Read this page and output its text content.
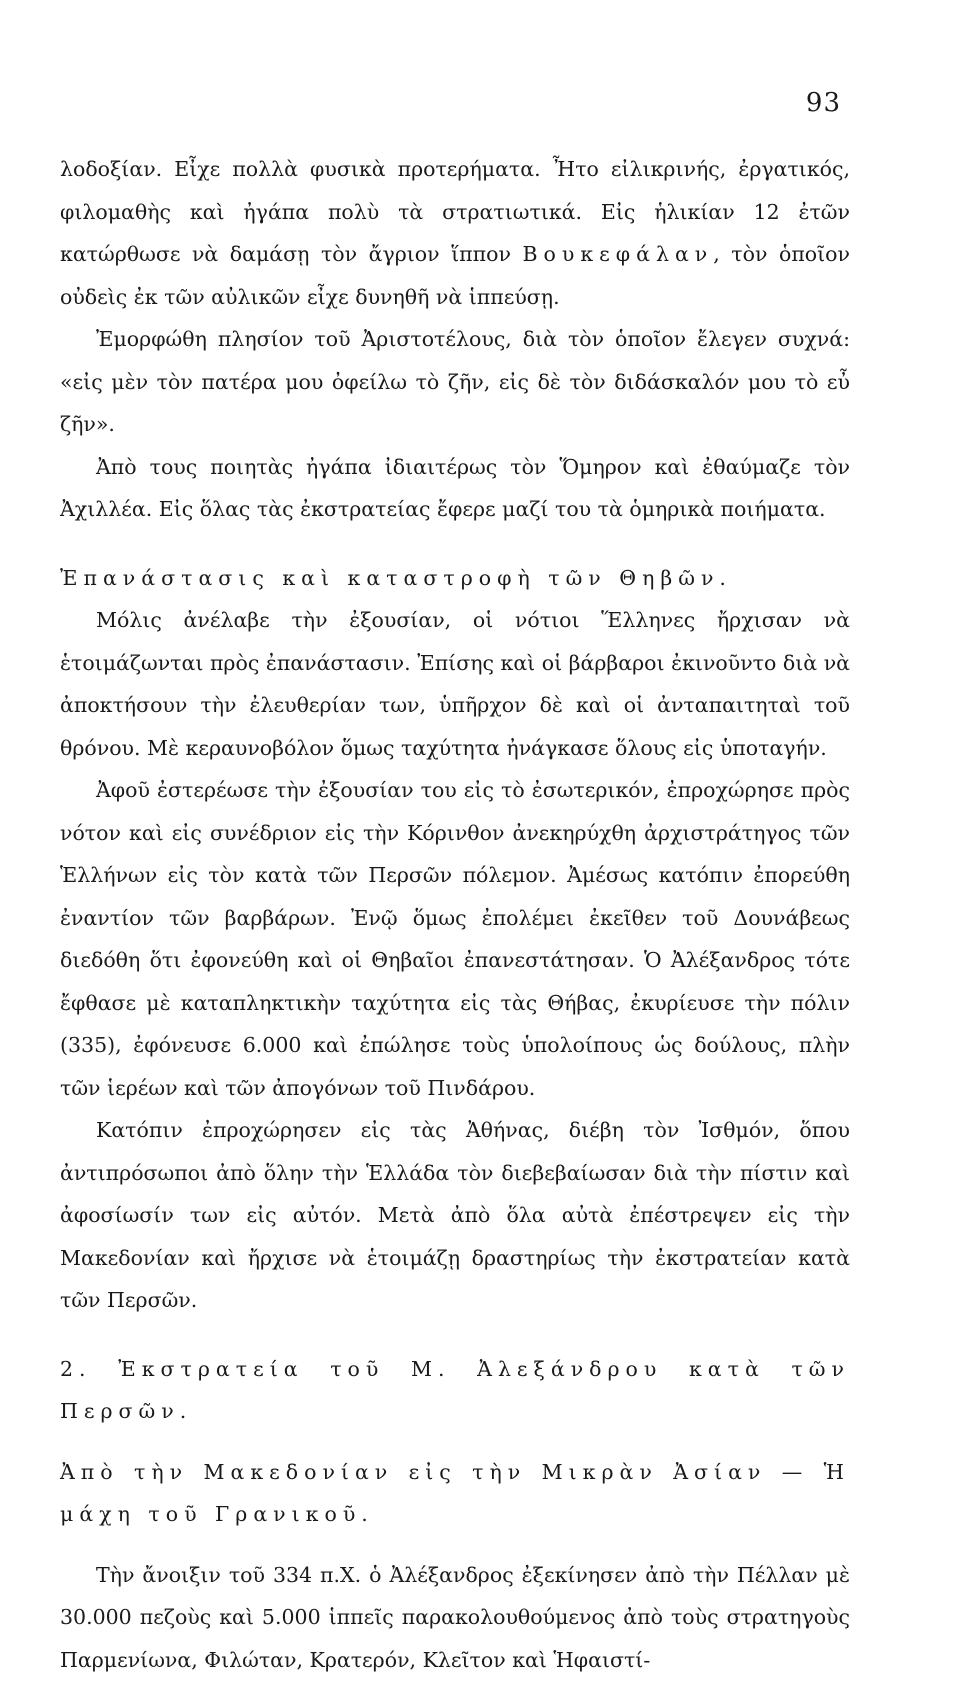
93

λοδοξίαν. Εἶχε πολλὰ φυσικὰ προτερήματα. Ἦτο εἰλικρινής, ἐργατικός, φιλομαθὴς καὶ ἠγάπα πολὺ τὰ στρατιωτικά. Εἰς ἡλικίαν 12 ἐτῶν κατώρθωσε νὰ δαμάσῃ τὸν ἄγριον ἵππον Βουκεφάλαν, τὸν ὁποῖον οὐδεὶς ἐκ τῶν αὐλικῶν εἶχε δυνηθῆ νὰ ἱππεύσῃ.

Ἐμορφώθη πλησίον τοῦ Ἀριστοτέλους, διὰ τὸν ὁποῖον ἔλεγεν συχνά: «εἰς μὲν τὸν πατέρα μου ὀφείλω τὸ ζῆν, εἰς δὲ τὸν διδάσκαλόν μου τὸ εὖ ζῆν».

Ἀπὸ τους ποιητὰς ἠγάπα ἰδιαιτέρως τὸν Ὅμηρον καὶ ἐθαύμαζε τὸν Ἀχιλλέα. Εἰς ὅλας τὰς ἐκστρατείας ἔφερε μαζί του τὰ ὁμηρικὰ ποιήματα.

Ἐπανάστασις καὶ καταστροφὴ τῶν Θηβῶν.

Μόλις ἀνέλαβε τὴν ἐξουσίαν, οἱ νότιοι Ἕλληνες ἤρχισαν νὰ ἑτοιμάζωνται πρὸς ἐπανάστασιν. Ἐπίσης καὶ οἱ βάρβαροι ἐκινοῦντο διὰ νὰ ἀποκτήσουν τὴν ἐλευθερίαν των, ὑπῆρχον δὲ καὶ οἱ ἀνταπαιτηταὶ τοῦ θρόνου. Μὲ κεραυνοβόλον ὅμως ταχύτητα ἠνάγκασε ὅλους εἰς ὑποταγήν.

Ἀφοῦ ἐστερέωσε τὴν ἐξουσίαν του εἰς τὸ ἐσωτερικόν, ἐπροχώρησε πρὸς νότον καὶ εἰς συνέδριον εἰς τὴν Κόρινθον ἀνεκηρύχθη ἀρχιστράτηγος τῶν Ἑλλήνων εἰς τὸν κατὰ τῶν Περσῶν πόλεμον. Ἀμέσως κατόπιν ἐπορεύθη ἐναντίον τῶν βαρβάρων. Ἐνῷ ὅμως ἐπολέμει ἐκεῖθεν τοῦ Δουνάβεως διεδόθη ὅτι ἐφονεύθη καὶ οἱ Θηβαῖοι ἐπανεστάτησαν. Ὁ Ἀλέξανδρος τότε ἔφθασε μὲ καταπληκτικὴν ταχύτητα εἰς τὰς Θήβας, ἐκυρίευσε τὴν πόλιν (335), ἐφόνευσε 6.000 καὶ ἐπώλησε τοὺς ὑπολοίπους ὡς δούλους, πλὴν τῶν ἱερέων καὶ τῶν ἀπογόνων τοῦ Πινδάρου.

Κατόπιν ἐπροχώρησεν εἰς τὰς Ἀθήνας, διέβη τὸν Ἰσθμόν, ὅπου ἀντιπρόσωποι ἀπὸ ὅλην τὴν Ἑλλάδα τὸν διεβεβαίωσαν διὰ τὴν πίστιν καὶ ἀφοσίωσίν των εἰς αὐτόν. Μετὰ ἀπὸ ὅλα αὐτὰ ἐπέστρεψεν εἰς τὴν Μακεδονίαν καὶ ἤρχισε νὰ ἑτοιμάζῃ δραστηρίως τὴν ἐκστρατείαν κατὰ τῶν Περσῶν.

2. Ἐκστρατεία τοῦ Μ. Ἀλεξάνδρου κατὰ τῶν Περσῶν.

Ἀπὸ τὴν Μακεδονίαν εἰς τὴν Μικρὰν Ἀσίαν — Ἡ μάχη τοῦ Γρανικοῦ.

Τὴν ἄνοιξιν τοῦ 334 π.Χ. ὁ Ἀλέξανδρος ἐξεκίνησεν ἀπὸ τὴν Πέλλαν μὲ 30.000 πεζοὺς καὶ 5.000 ἱππεῖς παρακολουθούμενος ἀπὸ τοὺς στρατηγοὺς Παρμενίωνα, Φιλώταν, Κρατερόν, Κλεῖτον καὶ Ἡφαιστί-
